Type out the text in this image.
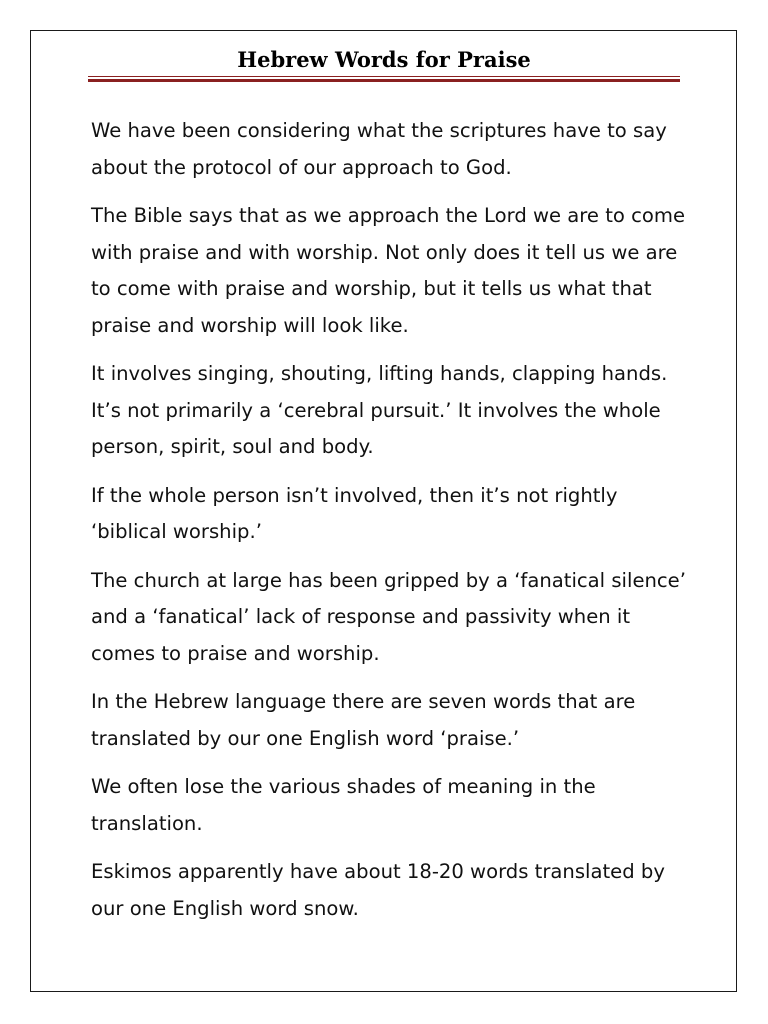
Hebrew Words for Praise

We have been considering what the scriptures have to say about the protocol of our approach to God.

The Bible says that as we approach the Lord we are to come with praise and with worship. Not only does it tell us we are to come with praise and worship, but it tells us what that praise and worship will look like.

It involves singing, shouting, lifting hands, clapping hands. It’s not primarily a ‘cerebral pursuit.’ It involves the whole person, spirit, soul and body.

If the whole person isn’t involved, then it’s not rightly ‘biblical worship.’

The church at large has been gripped by a ‘fanatical silence’ and a ‘fanatical’ lack of response and passivity when it comes to praise and worship.

In the Hebrew language there are seven words that are translated by our one English word ‘praise.’

We often lose the various shades of meaning in the translation.

Eskimos apparently have about 18-20 words translated by our one English word snow.
